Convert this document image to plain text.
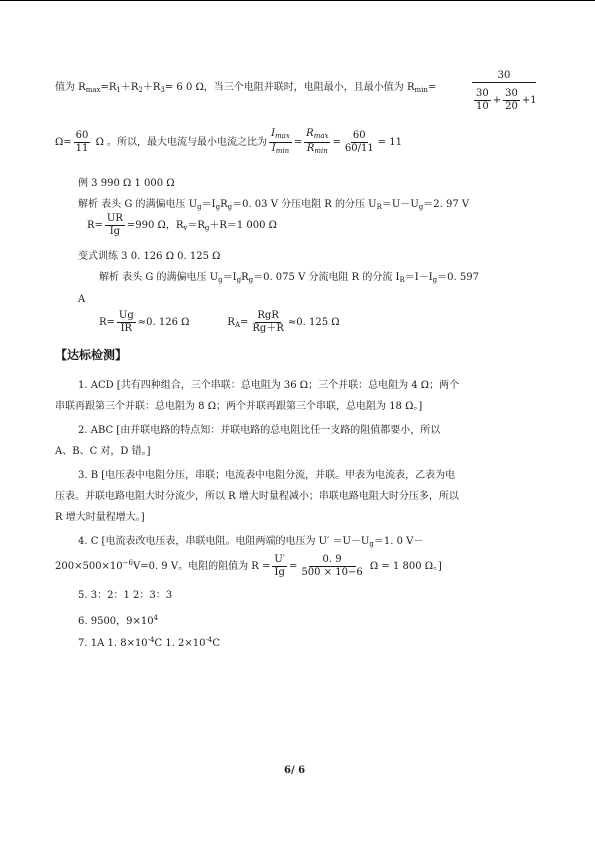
值为 $R_{max}=R_1+R_2+R_3= 6$ 0 Ω，当三个电阻并联时，电阻最小，且最小值为 $R_{min}=$
30
$\frac{30}{10} + \frac{30}{20} +1$
$\Omega= \frac{60}{11}$ Ω 。所以，最大电流与最小电流之比为 $\frac{I_{max}}{I_{min}} = \frac{R_{max}}{R_{min}} = \frac{60}{60/11} = 11$
例 3 990 Ω 1 000 Ω
解析 表头 G 的满偏电压 $U_g=I_gR_g=0$. 03 V 分压电阻 R 的分压 $U_R=U-U_g=2$. 97 V
$R= \frac{UR}{Ig} =990$ Ω，$R_v=R_g+R=1$ 000 Ω
变式训练 3 0. 126 Ω 0. 125 Ω
解析 表头 G 的满偏电压 $U_g=I_gR_g=0$. 075 V 分流电阻 R 的分流 $I_R=I-I_g=0$. 597
A
$R= \frac{Ug}{IR} \approx 0$. 126 Ω	$R_A= \frac{\text{RgR}}{Rg+R} \approx 0$. 125 Ω
【达标检测】
1. ACD [共有四种组合，三个串联：总电阻为 36 Ω；三个并联：总电阻为 4 Ω；两个
串联再跟第三个并联：总电阻为 8 Ω；两个并联再跟第三个串联，总电阻为 18 Ω。]
2. ABC [由并联电路的特点知：并联电路的总电阻比任一支路的阻值都要小，所以
A、B、C 对，D 错。]
3. B [电压表中电阻分压，串联；电流表中电阻分流，并联。甲表为电流表，乙表为电
压表。并联电路电阻大时分流少，所以 R 增大时量程减小；串联电路电阻大时分压多，所以
R 增大时量程增大。]
4. C [电流表改电压表，串联电阻。电阻两端的电压为 $U' =U-U_g=1$. 0 V－
$200\times 500\times 10^{-6}V=0$. 9 V。电阻的阻值为 $R = \frac{U'}{Ig} = \frac{0. 9}{500 \times 10-6}$ Ω = 1 800 Ω。]
5. 3：2：1 2：3：3
6. 9500，$9\times 10^4$
7. 1A 1. $8\times 10^{-4}C$ 1. $2\times 10^{-4}C$
6/ 6
